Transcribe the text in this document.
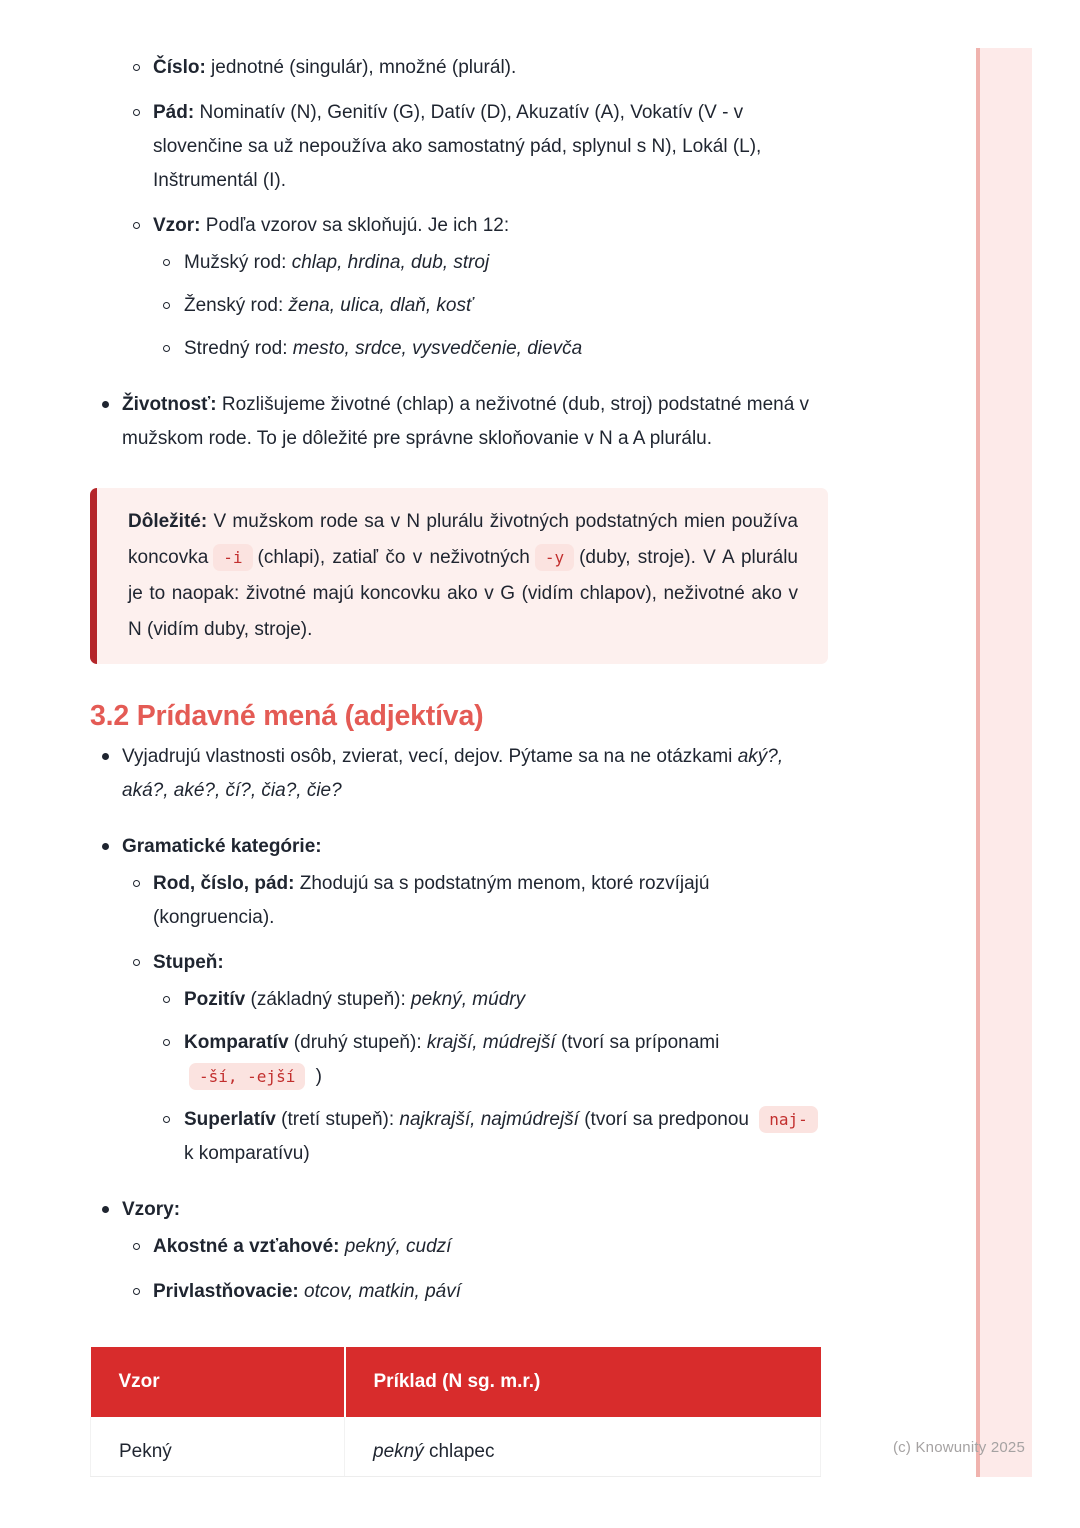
Číslo: jednotné (singulár), množné (plurál).
Pád: Nominatív (N), Genitív (G), Datív (D), Akuzatív (A), Vokatív (V - v slovenčine sa už nepoužíva ako samostatný pád, splynul s N), Lokál (L), Inštrumentál (I).
Vzor: Podľa vzorov sa skloňujú. Je ich 12:
Mužský rod: chlap, hrdina, dub, stroj
Ženský rod: žena, ulica, dlaň, kosť
Stredný rod: mesto, srdce, vysvedčenie, dievča
Životnosť: Rozlišujeme životné (chlap) a neživotné (dub, stroj) podstatné mená v mužskom rode. To je dôležité pre správne skloňovanie v N a A plurálu.
Dôležité: V mužskom rode sa v N plurálu životných podstatných mien používa koncovka -i (chlapi), zatiaľ čo v neživotných -y (duby, stroje). V A plurálu je to naopak: životné majú koncovku ako v G (vidím chlapov), neživotné ako v N (vidím duby, stroje).
3.2 Prídavné mená (adjektíva)
Vyjadrujú vlastnosti osôb, zvierat, vecí, dejov. Pýtame sa na ne otázkami aký?, aká?, aké?, čí?, čia?, čie?
Gramatické kategórie:
Rod, číslo, pád: Zhodujú sa s podstatným menom, ktoré rozvíjajú (kongruencia).
Stupeň:
Pozitív (základný stupeň): pekný, múdry
Komparatív (druhý stupeň): krajší, múdrejší (tvorí sa príponami -ší, -ejší )
Superlatív (tretí stupeň): najkrajší, najmúdrejší (tvorí sa predponou naj- k komparatívu)
Vzory:
Akostné a vzťahové: pekný, cudzí
Privlastňovacie: otcov, matkin, páví
Vzor	Príklad (N sg. m.r.)
Pekný	pekný chlapec	(c) Knowunity 2025
